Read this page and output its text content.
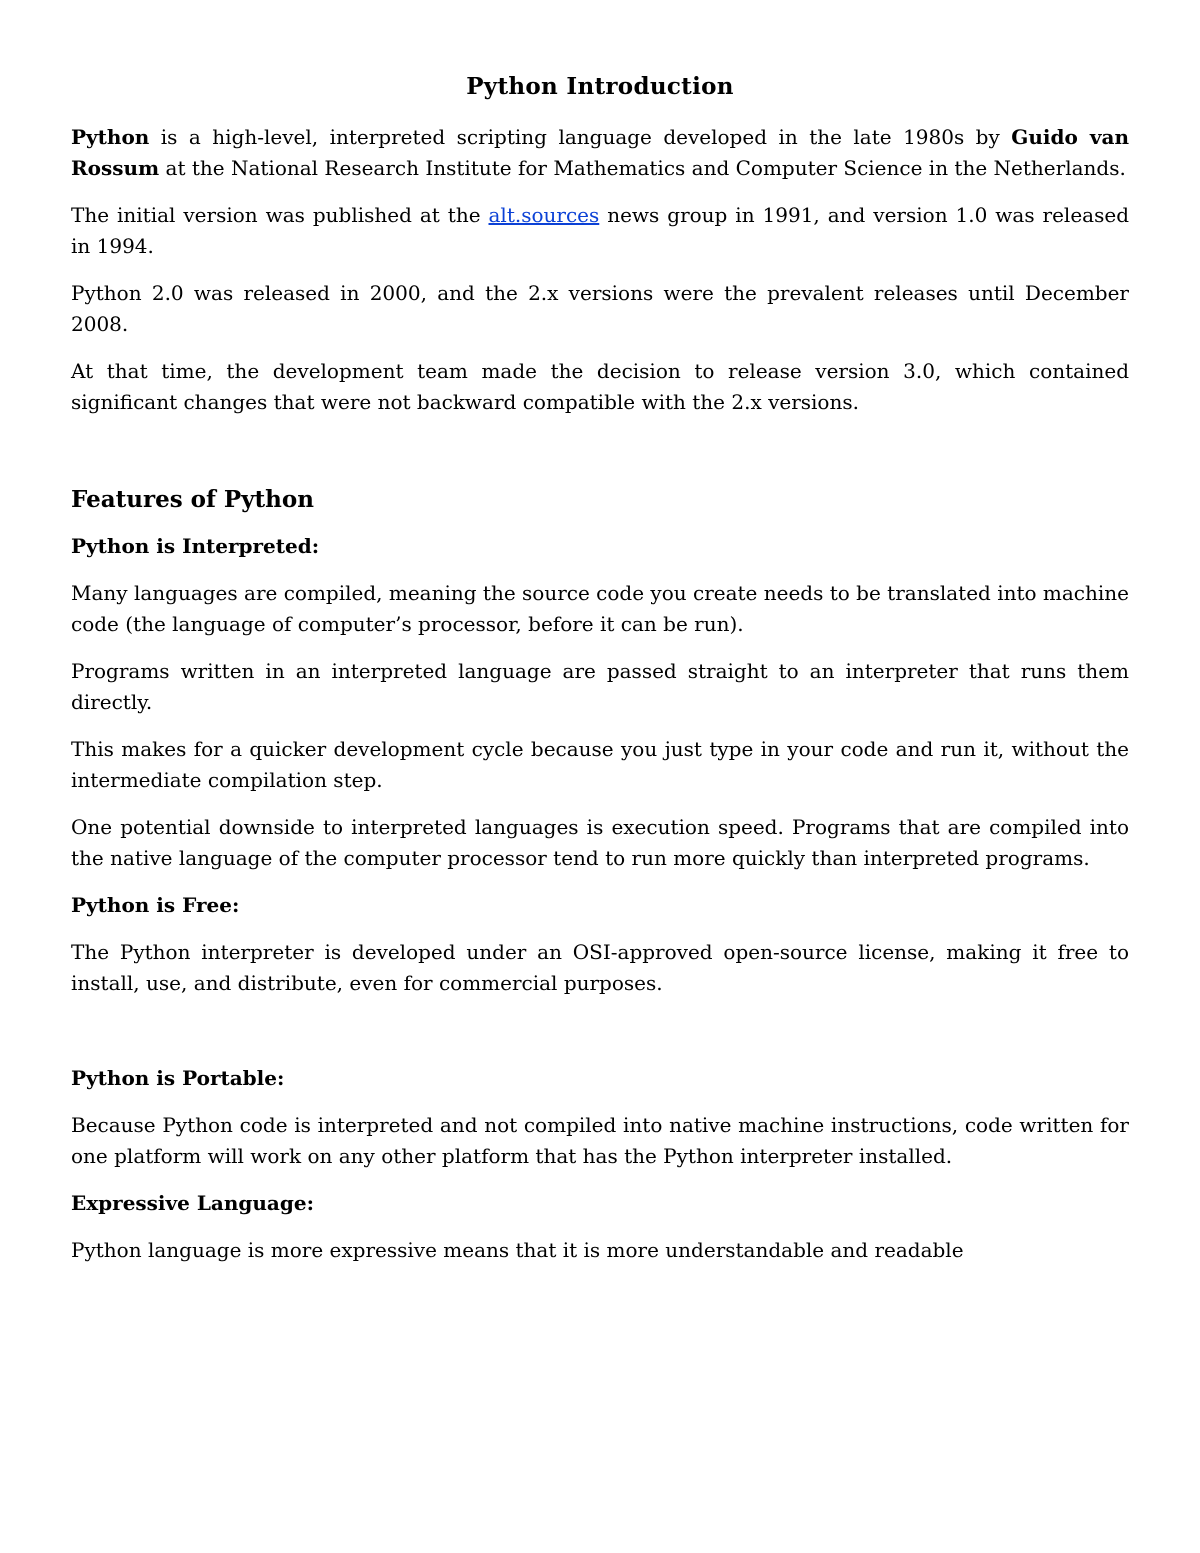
Python Introduction

Python is a high-level, interpreted scripting language developed in the late 1980s by Guido van Rossum at the National Research Institute for Mathematics and Computer Science in the Netherlands.

The initial version was published at the alt.sources news group in 1991, and version 1.0 was released in 1994.

Python 2.0 was released in 2000, and the 2.x versions were the prevalent releases until December 2008.

At that time, the development team made the decision to release version 3.0, which contained significant changes that were not backward compatible with the 2.x versions.

Features of Python
Python is Interpreted:

Many languages are compiled, meaning the source code you create needs to be translated into machine code (the language of computer’s processor, before it can be run).

Programs written in an interpreted language are passed straight to an interpreter that runs them directly.

This makes for a quicker development cycle because you just type in your code and run it, without the intermediate compilation step.

One potential downside to interpreted languages is execution speed. Programs that are compiled into the native language of the computer processor tend to run more quickly than interpreted programs.

Python is Free:

The Python interpreter is developed under an OSI-approved open-source license, making it free to install, use, and distribute, even for commercial purposes.

Python is Portable:

Because Python code is interpreted and not compiled into native machine instructions, code written for one platform will work on any other platform that has the Python interpreter installed.

Expressive Language:

Python language is more expressive means that it is more understandable and readable
